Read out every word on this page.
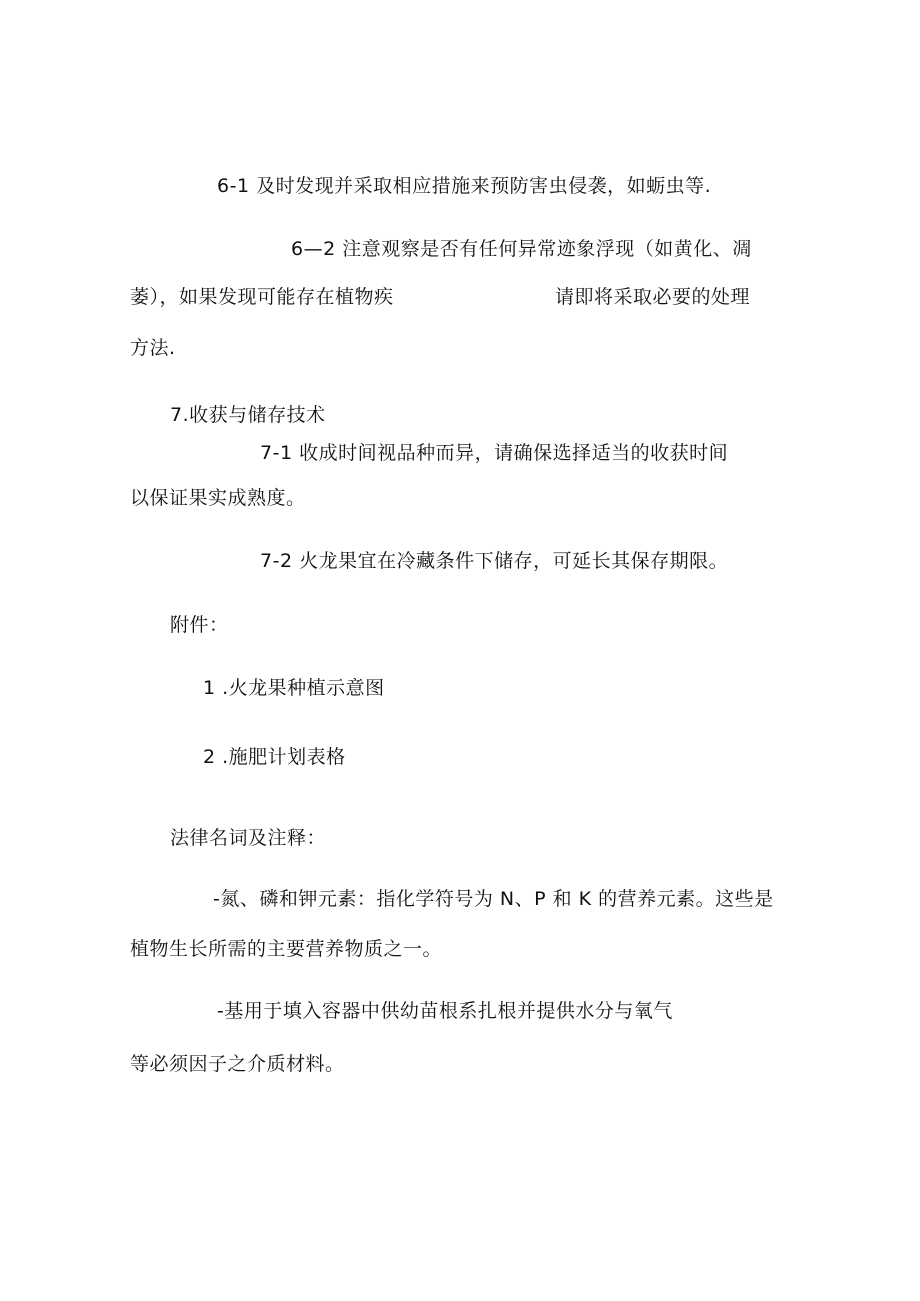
6-1 及时发现并采取相应措施来预防害虫侵袭，如蛎虫等.
6—2 注意观察是否有任何异常迹象浮现（如黄化、凋
萎），如果发现可能存在植物疾	请即将采取必要的处理
方法.
7.收获与储存技术
7-1 收成时间视品种而异，请确保选择适当的收获时间
以保证果实成熟度。
7-2 火龙果宜在冷藏条件下储存，可延长其保存期限。
附件：
1 .火龙果种植示意图
2 .施肥计划表格
法律名词及注释：
-氮、磷和钾元素：指化学符号为 N、P 和 K 的营养元素。这些是
植物生长所需的主要营养物质之一。
-基用于填入容器中供幼苗根系扎根并提供水分与氧气
等必须因子之介质材料。
